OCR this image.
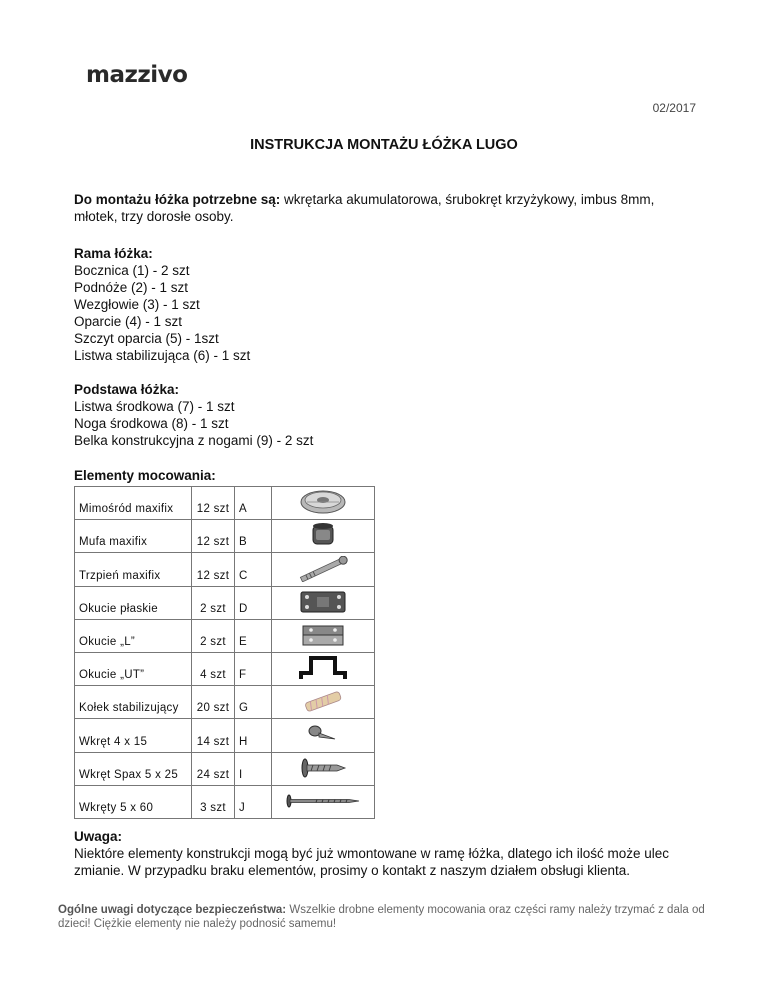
mazzivo
02/2017
INSTRUKCJA MONTAŻU ŁÓŻKA LUGO
Do montażu łóżka potrzebne są: wkrętarka akumulatorowa, śrubokręt krzyżykowy, imbus 8mm,
młotek, trzy dorosłe osoby.
Rama łóżka:
Bocznica (1) - 2 szt
Podnóże (2) - 1 szt
Wezgłowie (3) - 1 szt
Oparcie (4) - 1 szt
Szczyt oparcia (5) - 1szt
Listwa stabilizująca (6) - 1 szt
Podstawa łóżka:
Listwa środkowa (7) - 1 szt
Noga środkowa (8) - 1 szt
Belka konstrukcyjna z nogami (9) - 2 szt
Elementy mocowania:
Mimośród maxifix	12 szt	A	

Mufa maxifix	12 szt	B	

Trzpień maxifix	12 szt	C	

Okucie płaskie	2 szt	D	

Okucie „L”	2 szt	E	

Okucie „UT”	4 szt	F	

Kołek stabilizujący	20 szt	G	

Wkręt 4 x 15	14 szt	H	

Wkręt Spax 5 x 25	24 szt	I	

Wkręty 5 x 60	3 szt	J	
Uwaga:
Niektóre elementy konstrukcji mogą być już wmontowane w ramę łóżka, dlatego ich ilość może ulec
zmianie. W przypadku braku elementów, prosimy o kontakt z naszym działem obsługi klienta.
Ogólne uwagi dotyczące bezpieczeństwa: Wszelkie drobne elementy mocowania oraz części ramy należy trzymać z dala od dzieci! Ciężkie elementy nie należy podnosić samemu!
